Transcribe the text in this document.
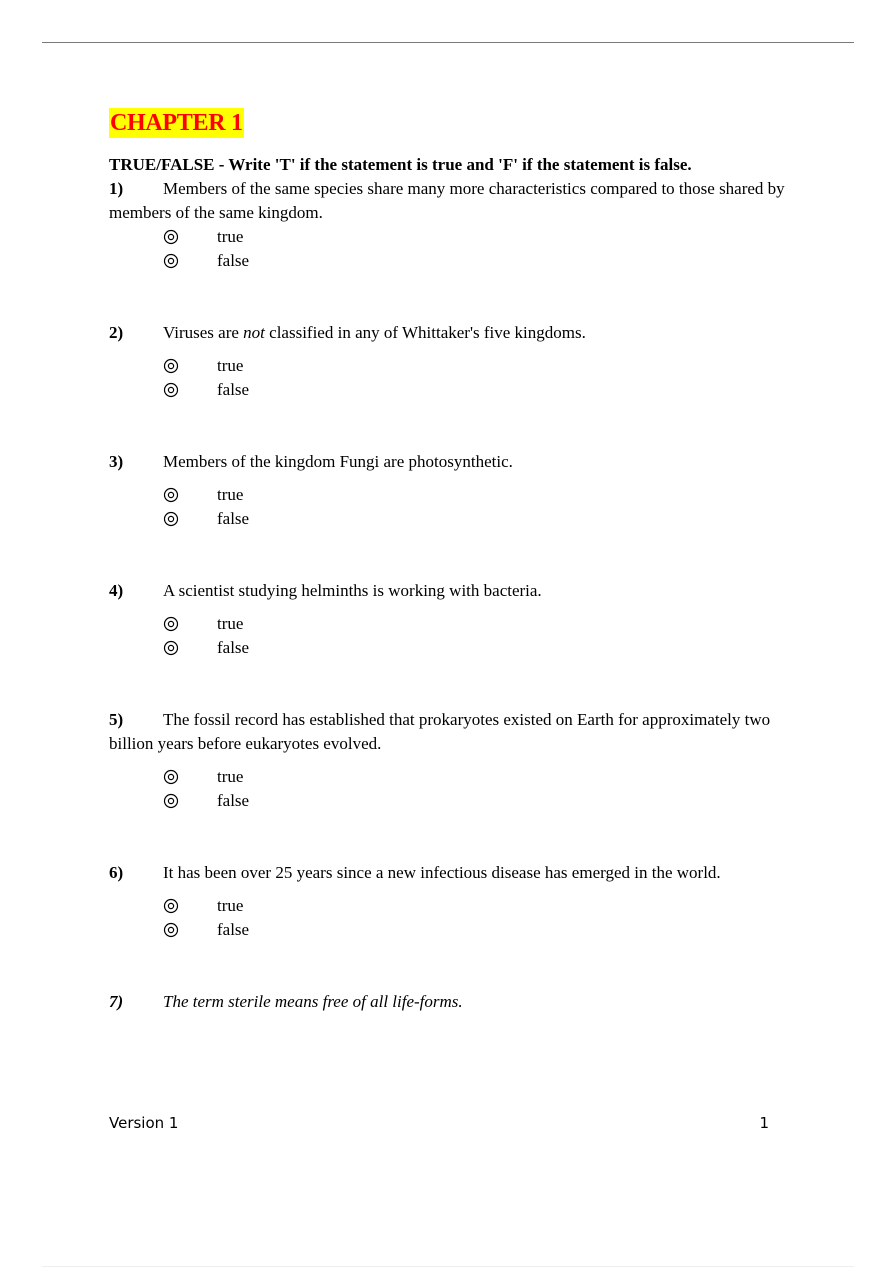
CHAPTER 1
TRUE/FALSE - Write 'T' if the statement is true and 'F' if the statement is false.
1) Members of the same species share many more characteristics compared to those shared by members of the same kingdom.
true
false
2) Viruses are not classified in any of Whittaker's five kingdoms.
true
false
3) Members of the kingdom Fungi are photosynthetic.
true
false
4) A scientist studying helminths is working with bacteria.
true
false
5) The fossil record has established that prokaryotes existed on Earth for approximately two billion years before eukaryotes evolved.
true
false
6) It has been over 25 years since a new infectious disease has emerged in the world.
true
false
7) The term sterile means free of all life-forms.
Version 1	1
